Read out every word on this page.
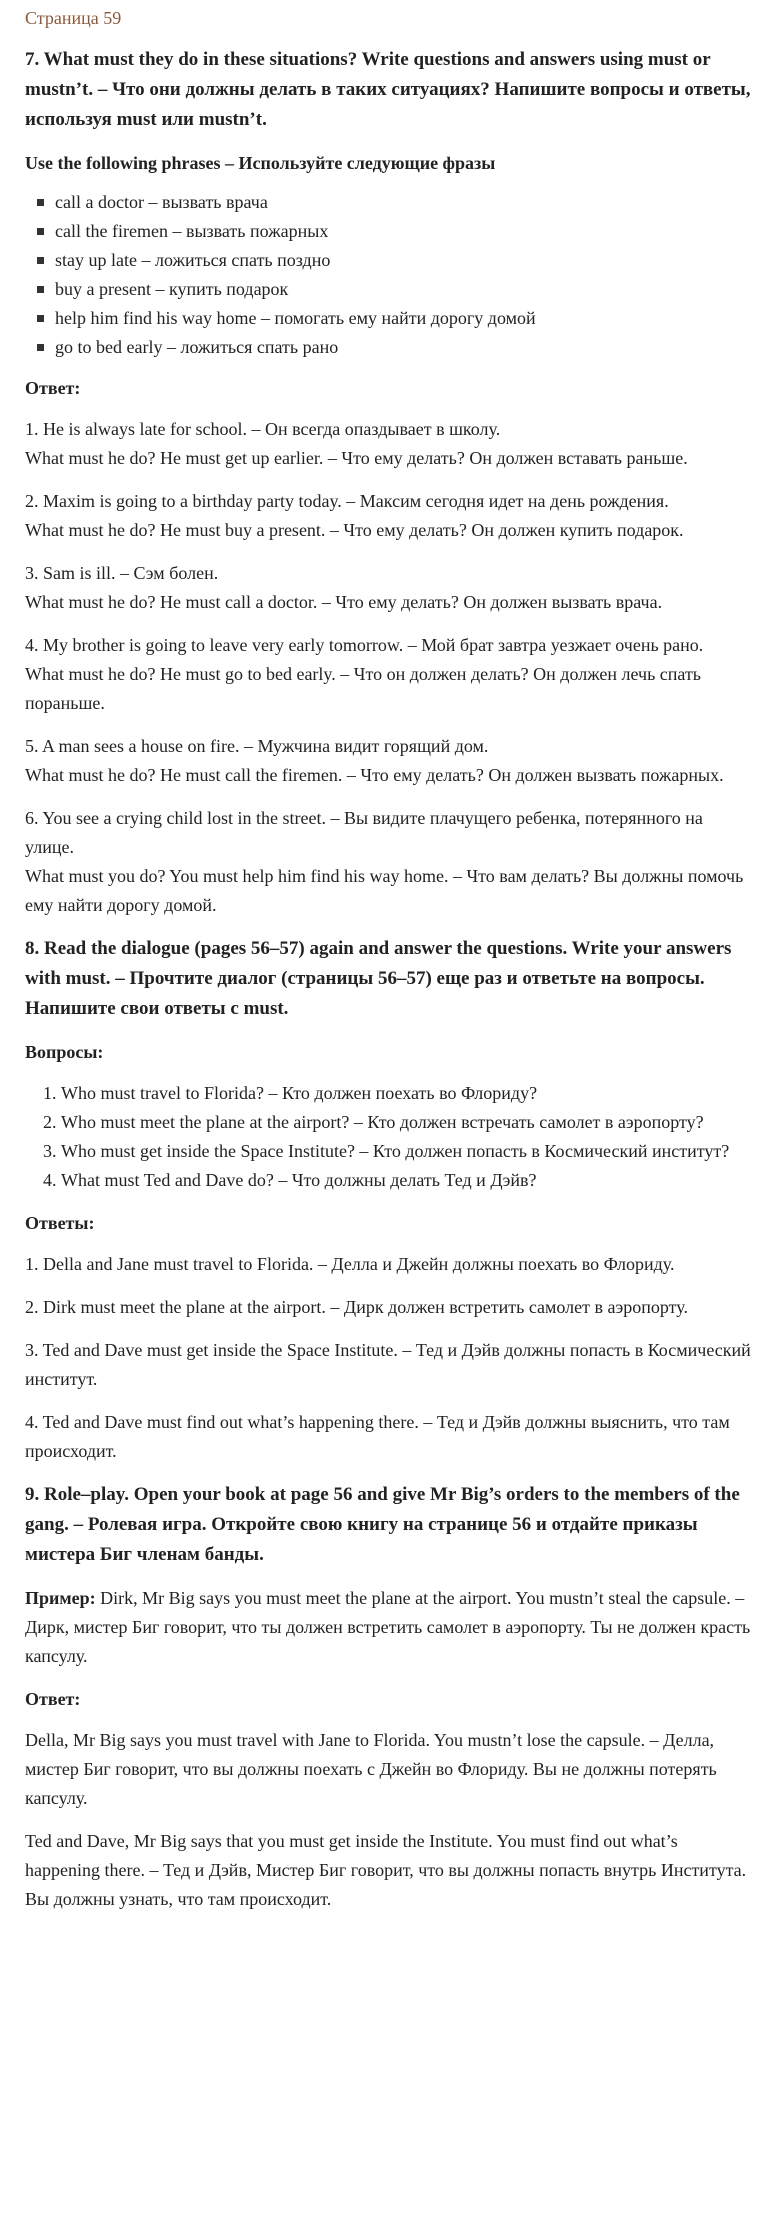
Страница 59
7. What must they do in these situations? Write questions and answers using must or mustn’t. – Что они должны делать в таких ситуациях? Напишите вопросы и ответы, используя must или mustn’t.
Use the following phrases – Используйте следующие фразы
call a doctor – вызвать врача
call the firemen – вызвать пожарных
stay up late – ложиться спать поздно
buy a present – купить подарок
help him find his way home – помогать ему найти дорогу домой
go to bed early – ложиться спать рано
Ответ:
1. He is always late for school. – Он всегда опаздывает в школу.
What must he do? He must get up earlier. – Что ему делать? Он должен вставать раньше.
2. Maxim is going to a birthday party today. – Максим сегодня идет на день рождения.
What must he do? He must buy a present. – Что ему делать? Он должен купить подарок.
3. Sam is ill. – Сэм болен.
What must he do? He must call a doctor. – Что ему делать? Он должен вызвать врача.
4. My brother is going to leave very early tomorrow. – Мой брат завтра уезжает очень рано.
What must he do? He must go to bed early. – Что он должен делать? Он должен лечь спать пораньше.
5. A man sees a house on fire. – Мужчина видит горящий дом.
What must he do? He must call the firemen. – Что ему делать? Он должен вызвать пожарных.
6. You see a crying child lost in the street. – Вы видите плачущего ребенка, потерянного на улице.
What must you do? You must help him find his way home. – Что вам делать? Вы должны помочь ему найти дорогу домой.
8. Read the dialogue (pages 56–57) again and answer the questions. Write your answers with must. – Прочтите диалог (страницы 56–57) еще раз и ответьте на вопросы. Напишите свои ответы с must.
Вопросы:
1. Who must travel to Florida? – Кто должен поехать во Флориду?
2. Who must meet the plane at the airport? – Кто должен встречать самолет в аэропорту?
3. Who must get inside the Space Institute? – Кто должен попасть в Космический институт?
4. What must Ted and Dave do? – Что должны делать Тед и Дэйв?
Ответы:
1. Della and Jane must travel to Florida. – Делла и Джейн должны поехать во Флориду.
2. Dirk must meet the plane at the airport. – Дирк должен встретить самолет в аэропорту.
3. Ted and Dave must get inside the Space Institute. – Тед и Дэйв должны попасть в Космический институт.
4. Ted and Dave must find out what’s happening there. – Тед и Дэйв должны выяснить, что там происходит.
9. Role–play. Open your book at page 56 and give Mr Big’s orders to the members of the gang. – Ролевая игра. Откройте свою книгу на странице 56 и отдайте приказы мистера Биг членам банды.
Пример: Dirk, Mr Big says you must meet the plane at the airport. You mustn’t steal the capsule. – Дирк, мистер Биг говорит, что ты должен встретить самолет в аэропорту. Ты не должен красть капсулу.
Ответ:
Della, Mr Big says you must travel with Jane to Florida. You mustn’t lose the capsule. – Делла, мистер Биг говорит, что вы должны поехать с Джейн во Флориду. Вы не должны потерять капсулу.
Ted and Dave, Mr Big says that you must get inside the Institute. You must find out what’s happening there. – Тед и Дэйв, Мистер Биг говорит, что вы должны попасть внутрь Института. Вы должны узнать, что там происходит.
